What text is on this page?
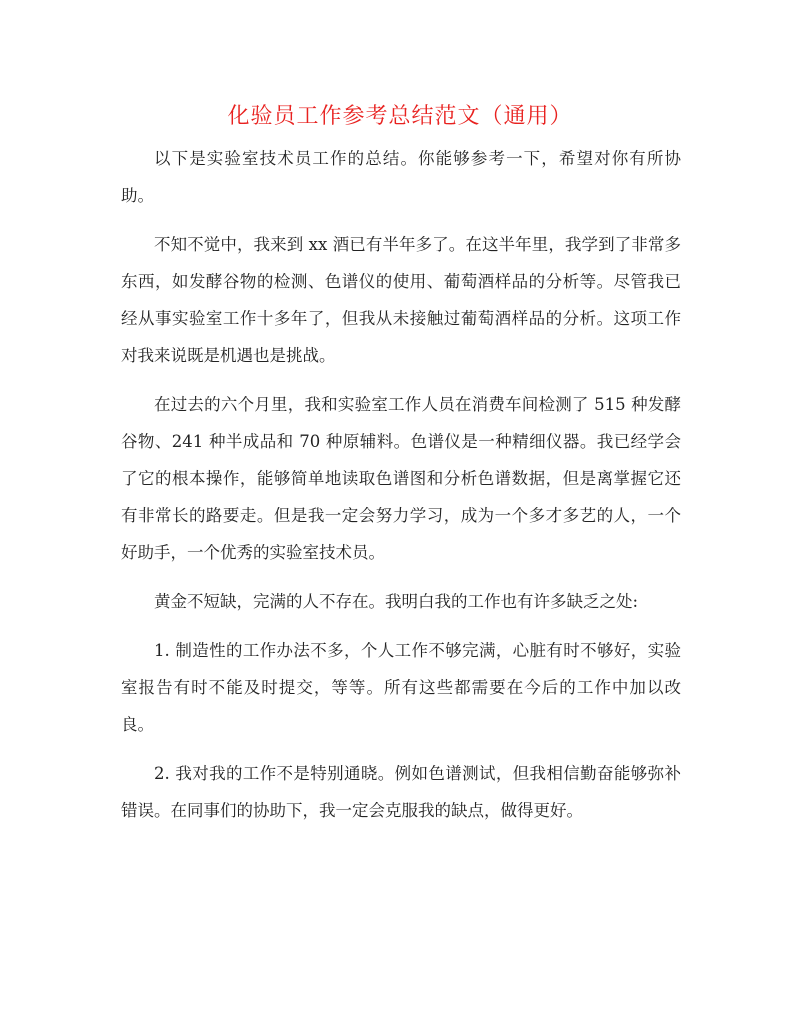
化验员工作参考总结范文（通用）

以下是实验室技术员工作的总结。你能够参考一下，希望对你有所协助。

不知不觉中，我来到 xx 酒已有半年多了。在这半年里，我学到了非常多东西，如发酵谷物的检测、色谱仪的使用、葡萄酒样品的分析等。尽管我已经从事实验室工作十多年了，但我从未接触过葡萄酒样品的分析。这项工作对我来说既是机遇也是挑战。

在过去的六个月里，我和实验室工作人员在消费车间检测了 515 种发酵谷物、241 种半成品和 70 种原辅料。色谱仪是一种精细仪器。我已经学会了它的根本操作，能够简单地读取色谱图和分析色谱数据，但是离掌握它还有非常长的路要走。但是我一定会努力学习，成为一个多才多艺的人，一个好助手，一个优秀的实验室技术员。

黄金不短缺，完满的人不存在。我明白我的工作也有许多缺乏之处:

1. 制造性的工作办法不多，个人工作不够完满，心脏有时不够好，实验室报告有时不能及时提交，等等。所有这些都需要在今后的工作中加以改良。

2. 我对我的工作不是特别通晓。例如色谱测试，但我相信勤奋能够弥补错误。在同事们的协助下，我一定会克服我的缺点，做得更好。
